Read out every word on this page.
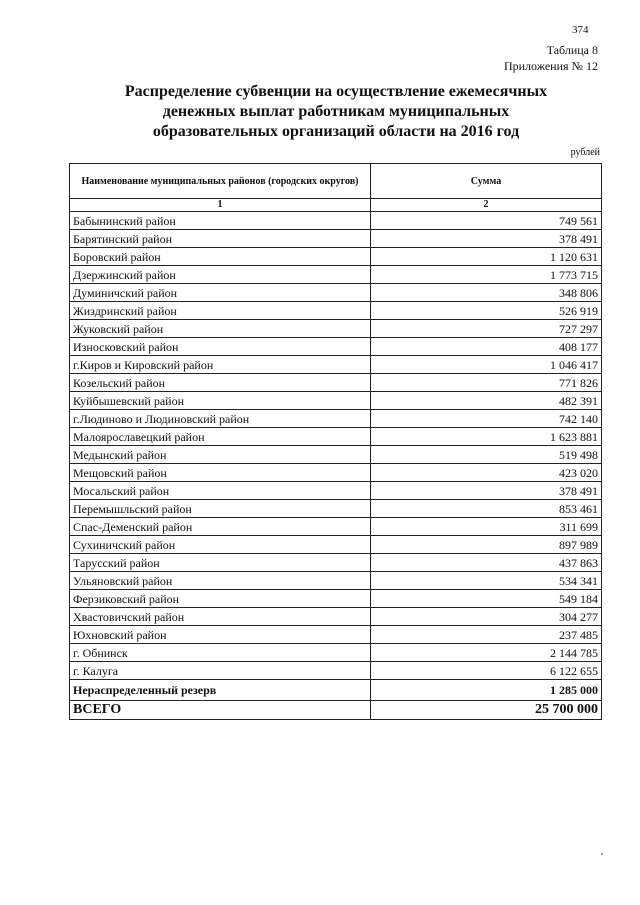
374
Таблица 8
Приложения № 12
Распределение субвенции на осуществление ежемесячных
денежных выплат работникам муниципальных
образовательных организаций области на 2016 год
рублей
Наименование муниципальных районов (городских округов)	Сумма
1	2
Бабынинский район	749 561
Барятинский район	378 491
Боровский район	1 120 631
Дзержинский район	1 773 715
Думиничский район	348 806
Жиздринский район	526 919
Жуковский район	727 297
Износковский район	408 177
г.Киров и Кировский район	1 046 417
Козельский район	771 826
Куйбышевский район	482 391
г.Людиново и Людиновский район	742 140
Малоярославецкий район	1 623 881
Медынский район	519 498
Мещовский район	423 020
Мосальский район	378 491
Перемышльский район	853 461
Спас-Деменский район	311 699
Сухиничский район	897 989
Тарусский район	437 863
Ульяновский район	534 341
Ферзиковский район	549 184
Хвастовичский район	304 277
Юхновский район	237 485
г. Обнинск	2 144 785
г. Калуга	6 122 655
Нераспределенный резерв	1 285 000
ВСЕГО	25 700 000
